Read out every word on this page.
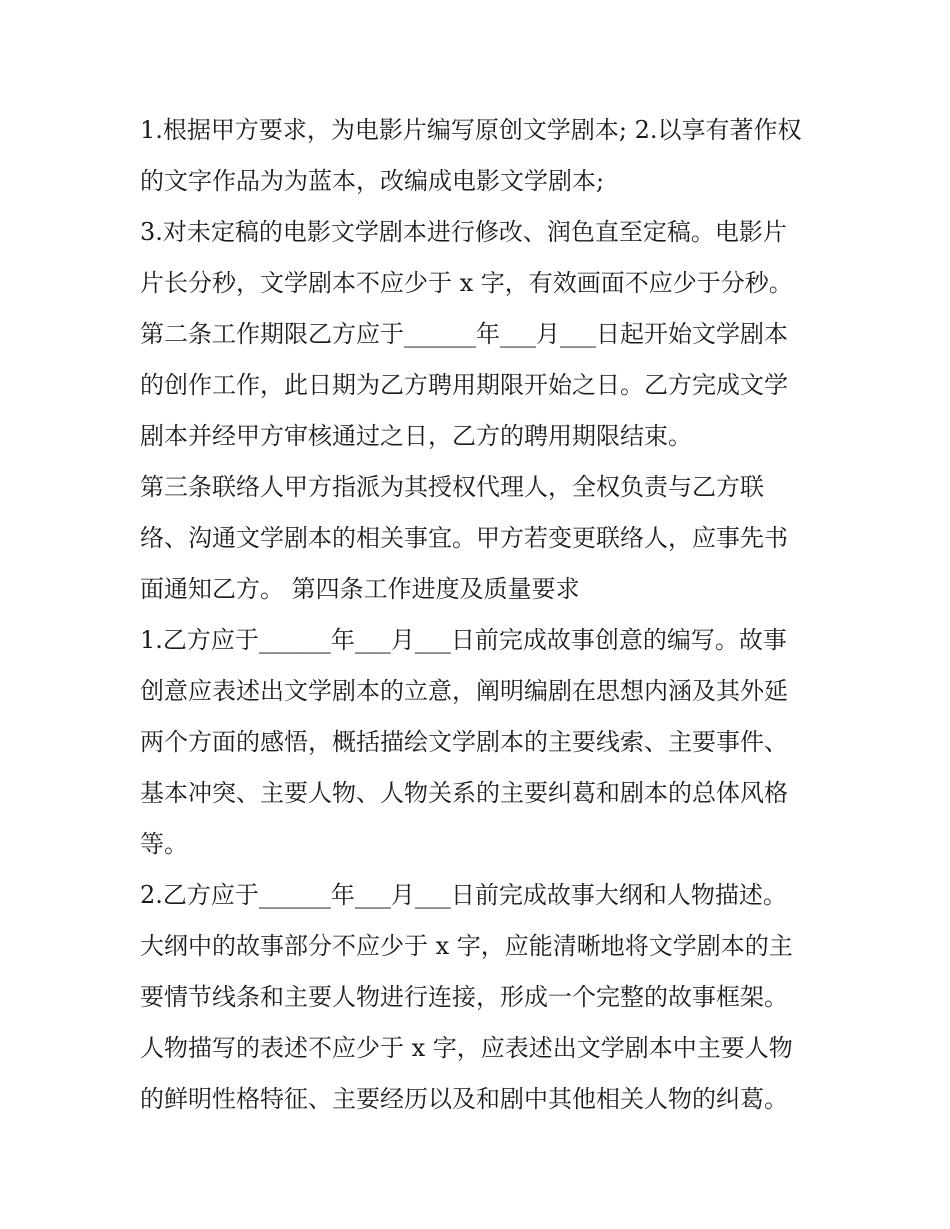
1.根据甲方要求，为电影片编写原创文学剧本; 2.以享有著作权
的文字作品为为蓝本，改编成电影文学剧本;
3.对未定稿的电影文学剧本进行修改、润色直至定稿。电影片
片长分秒，文学剧本不应少于 x 字，有效画面不应少于分秒。
第二条工作期限乙方应于______年___月___日起开始文学剧本
的创作工作，此日期为乙方聘用期限开始之日。乙方完成文学
剧本并经甲方审核通过之日，乙方的聘用期限结束。
第三条联络人甲方指派为其授权代理人，全权负责与乙方联
络、沟通文学剧本的相关事宜。甲方若变更联络人，应事先书
面通知乙方。 第四条工作进度及质量要求
1.乙方应于______年___月___日前完成故事创意的编写。故事
创意应表述出文学剧本的立意，阐明编剧在思想内涵及其外延
两个方面的感悟，概括描绘文学剧本的主要线索、主要事件、
基本冲突、主要人物、人物关系的主要纠葛和剧本的总体风格
等。
2.乙方应于______年___月___日前完成故事大纲和人物描述。
大纲中的故事部分不应少于 x 字，应能清晰地将文学剧本的主
要情节线条和主要人物进行连接，形成一个完整的故事框架。
人物描写的表述不应少于 x 字，应表述出文学剧本中主要人物
的鲜明性格特征、主要经历以及和剧中其他相关人物的纠葛。
